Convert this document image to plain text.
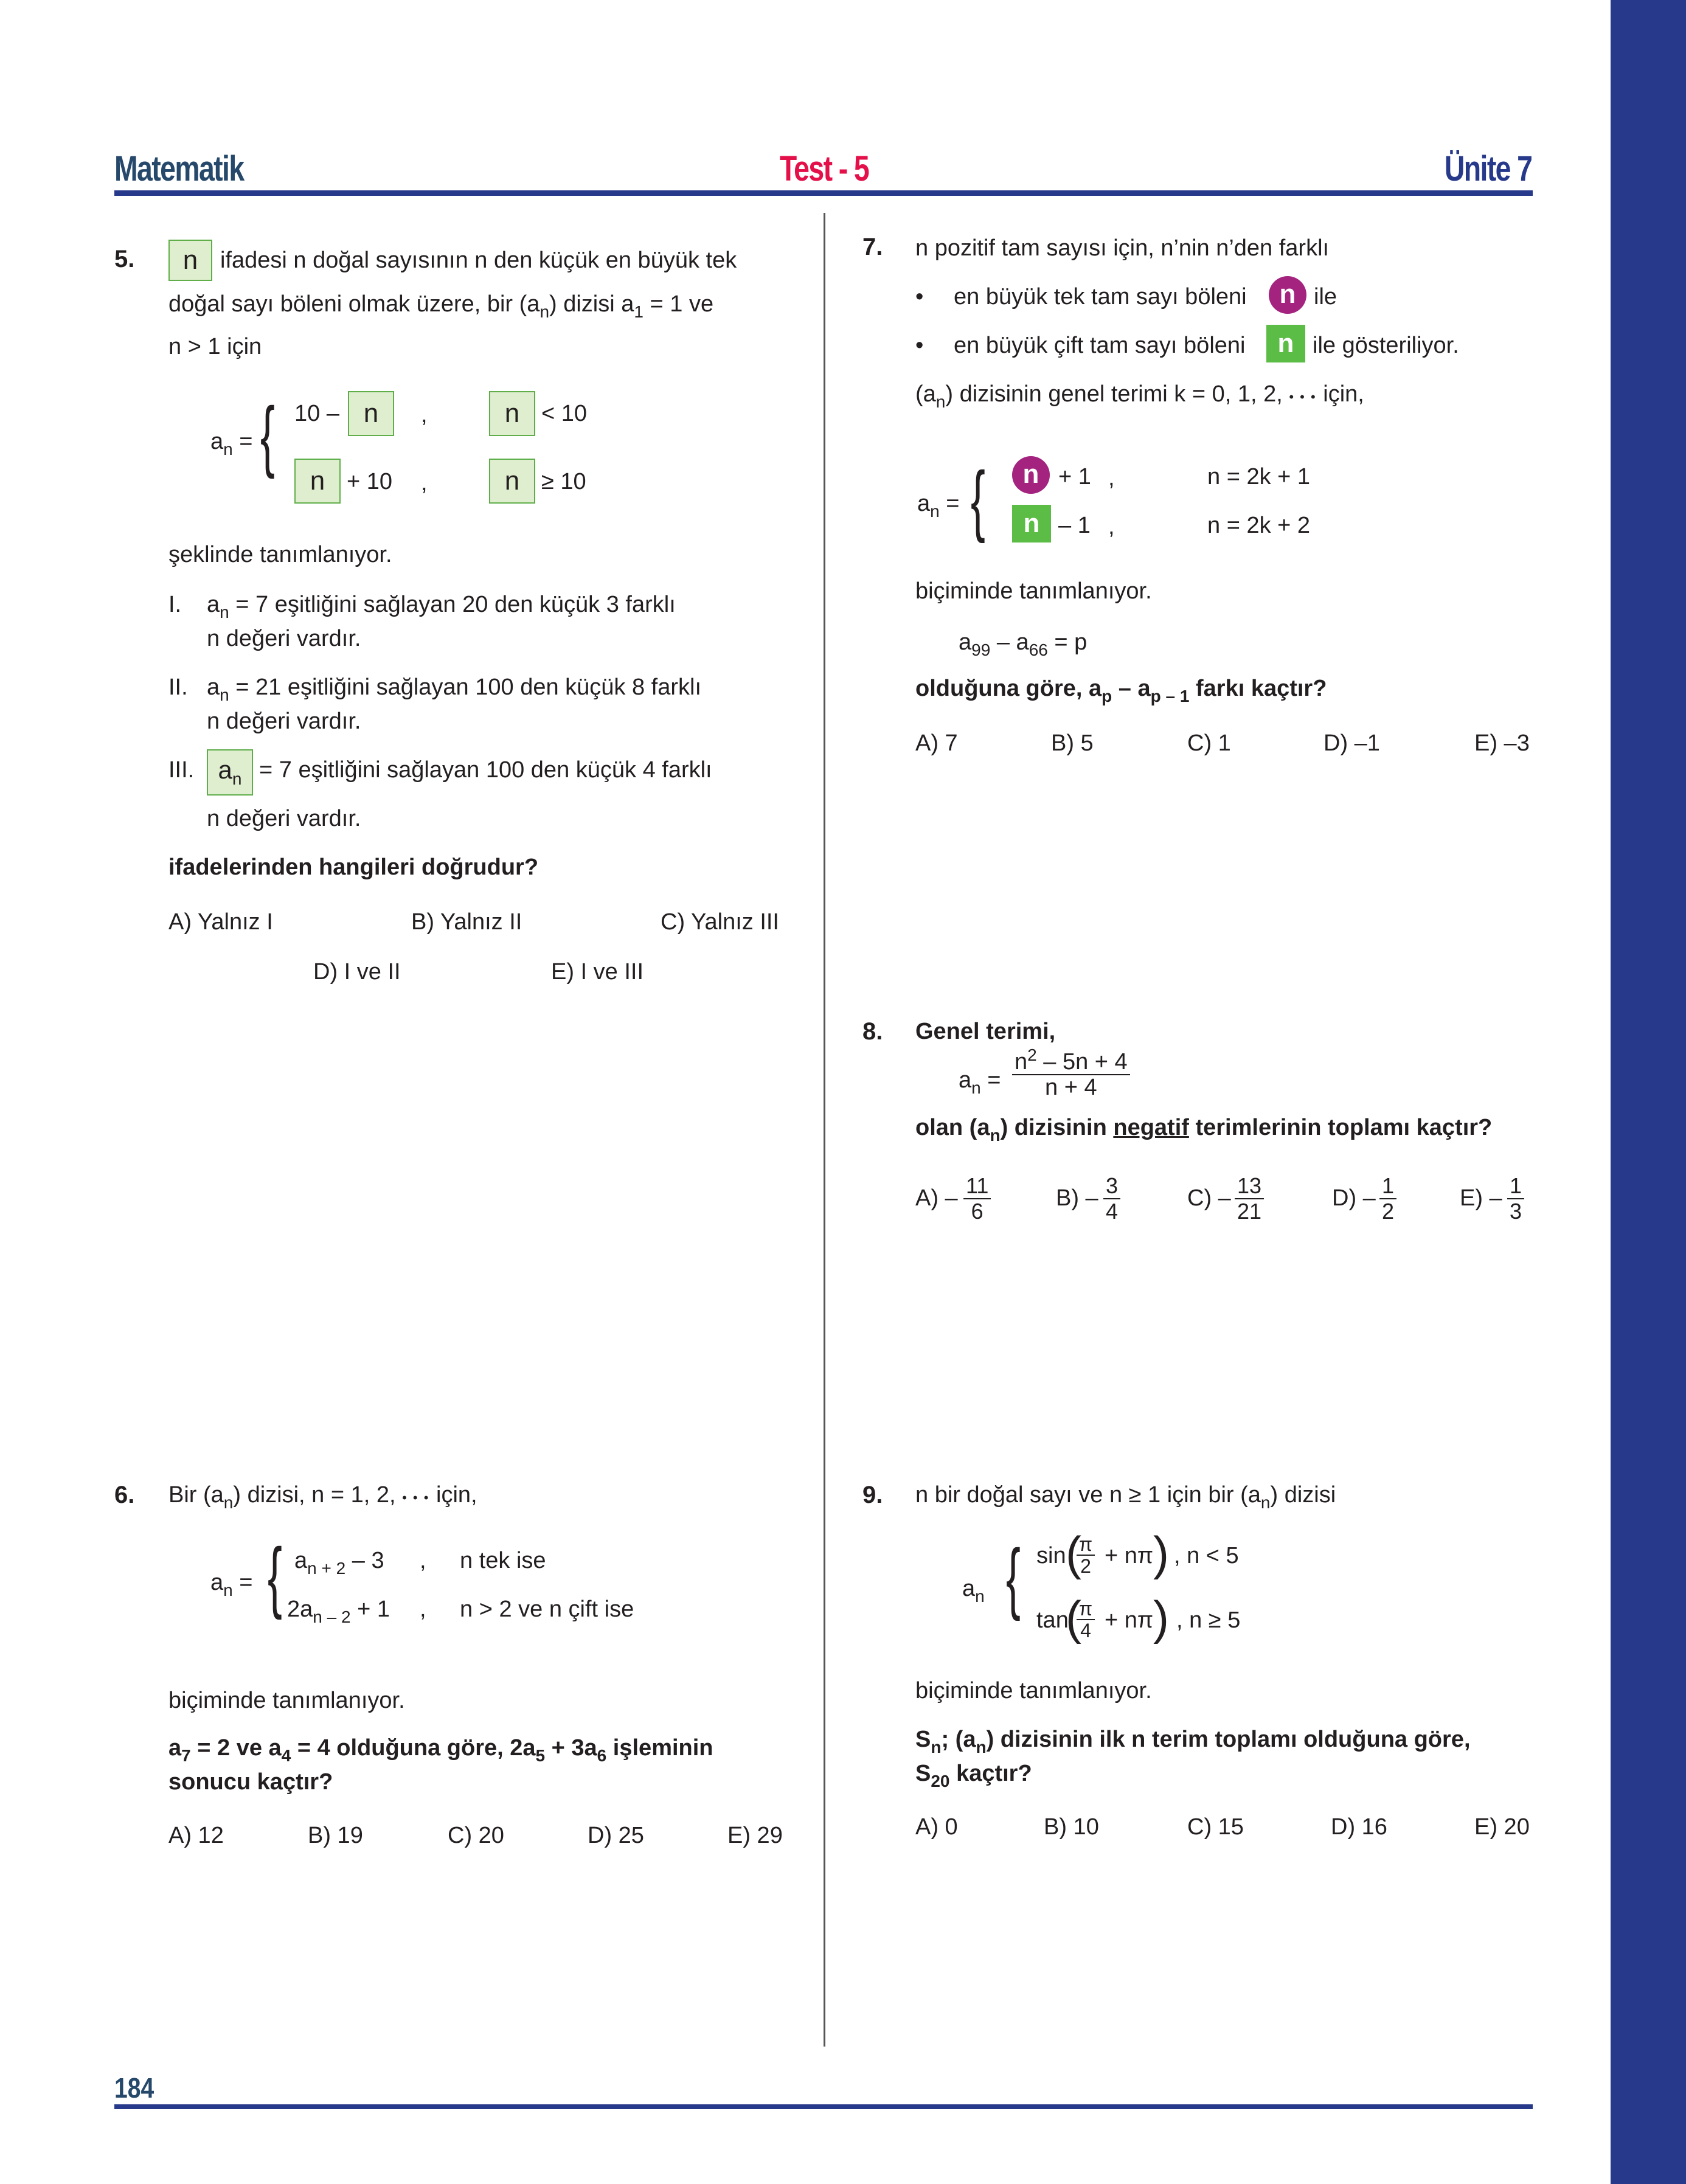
Matematik	Test - 5	Ünite 7
5.	n ifadesi n doğal sayısının n den küçük en büyük tek
doğal sayı böleni olmak üzere, bir $(a_n)$ dizisi $a_1 = 1$ ve
n > 1 için
$a_n$ = { 10 – n	,	n < 10
n + 10 ,	n ≥ 10
şeklinde tanımlanıyor.
I. $a_n = 7$ eşitliğini sağlayan 20 den küçük 3 farklı
n değeri vardır.
II. $a_n = 21$ eşitliğini sağlayan 100 den küçük 8 farklı
n değeri vardır.
III. $a_n = 7$ eşitliğini sağlayan 100 den küçük 4 farklı
n değeri vardır.
ifadelerinden hangileri doğrudur?
A) Yalnız I	B) Yalnız II	C) Yalnız III
D) I ve II	E) I ve III
6. Bir $(a_n)$ dizisi, n = 1, 2, • • • için,
$a_n$ = { $a_{n + 2} - 3$ , n tek ise
$2a_{n - 2} + 1$ , n > 2 ve n çift ise
biçiminde tanımlanıyor.
$a_7 = 2$ ve $a_4 = 4$ olduğuna göre, $2a_5 + 3a_6$ işleminin
sonucu kaçtır?
A) 12	B) 19	C) 20	D) 25	E) 29
7. n pozitif tam sayısı için, n’nin n’den farklı
• en büyük tek tam sayı böleni	n ile
• en büyük çift tam sayı böleni	n ile gösteriliyor.
$(a_n)$ dizisinin genel terimi k = 0, 1, 2, • • • için,
$a_n$ = {	n + 1 ,	n = 2k + 1
n – 1 ,	n = 2k + 2
biçiminde tanımlanıyor.
$a_{99} - a_{66} = p$
olduğuna göre, $a_p - a_{p - 1}$ farkı kaçtır?
A) 7	B) 5	C) 1	D) –1	E) –3
8. Genel terimi,
$a_n = \frac{n^2 - 5n + 4}{n + 4}$
olan $(a_n)$ dizisinin negatif terimlerinin toplamı kaçtır?
$A) - \frac{11}{6}$	$B) - \frac{3}{4}$	$C) - \frac{13}{21}$	$D) - \frac{1}{2}$	$E) - \frac{1}{3}$
9. n bir doğal sayı ve n ≥ 1 için bir $(a_n)$ dizisi
$a_n$ { sin (
$\frac{\pi}{2} + n\pi$ ) , n < 5
tan
(
$\frac{\pi}{4} + n\pi$ ) , n ≥ 5
biçiminde tanımlanıyor.
$S_n$; $(a_n)$ dizisinin ilk n terim toplamı olduğuna göre,
$S_{20}$ kaçtır?
A) 0	B) 10	C) 15	D) 16	E) 20
184
